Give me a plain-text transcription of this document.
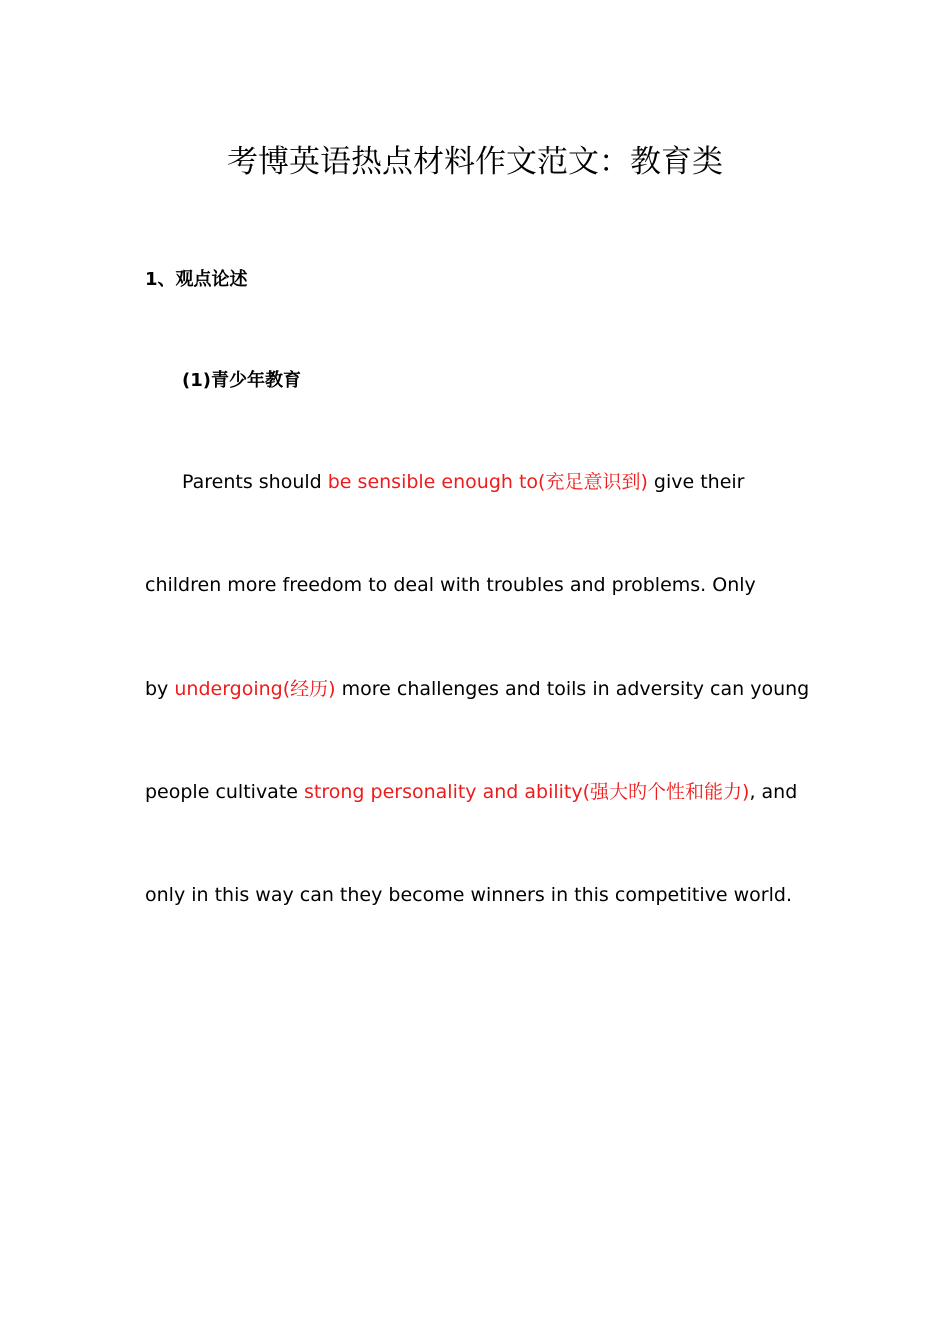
考博英语热点材料作文范文：教育类
1、观点论述
(1)青少年教育
Parents should be sensible enough to(充足意识到) give their
children more freedom to deal with troubles and problems. Only
by undergoing(经历) more challenges and toils in adversity can young
people cultivate strong personality and ability(强大旳个性和能力), and
only in this way can they become winners in this competitive world.
